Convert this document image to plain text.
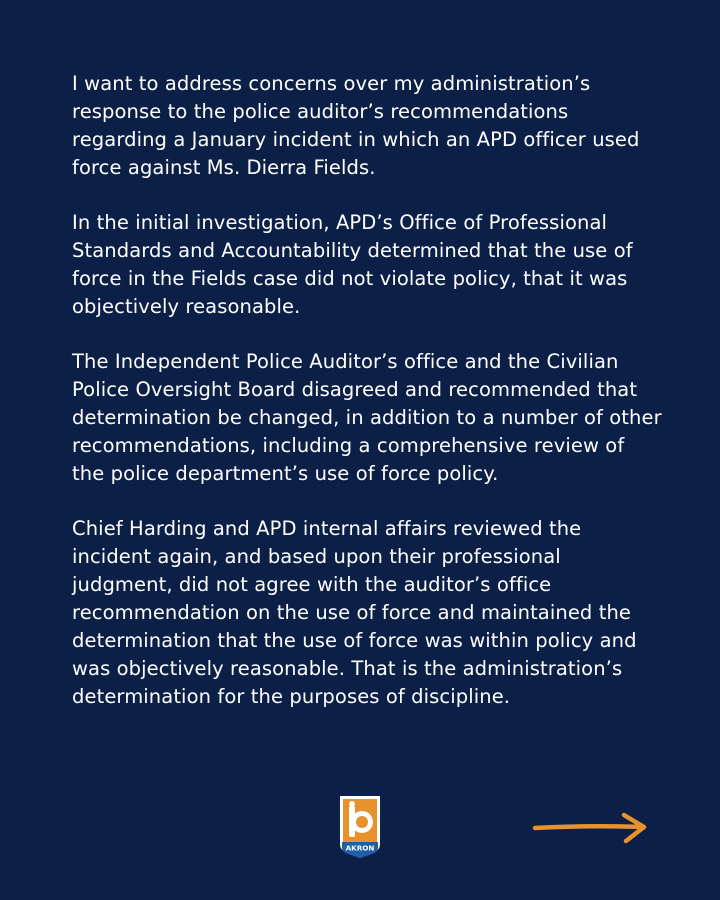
I want to address concerns over my administration’s response to the police auditor’s recommendations regarding a January incident in which an APD officer used force against Ms. Dierra Fields.

In the initial investigation, APD’s Office of Professional Standards and Accountability determined that the use of force in the Fields case did not violate policy, that it was objectively reasonable.

The Independent Police Auditor’s office and the Civilian Police Oversight Board disagreed and recommended that determination be changed, in addition to a number of other recommendations, including a comprehensive review of the police department’s use of force policy.

Chief Harding and APD internal affairs reviewed the incident again, and based upon their professional judgment, did not agree with the auditor’s office recommendation on the use of force and maintained the determination that the use of force was within policy and was objectively reasonable. That is the administration’s determination for the purposes of discipline.

AKRON
